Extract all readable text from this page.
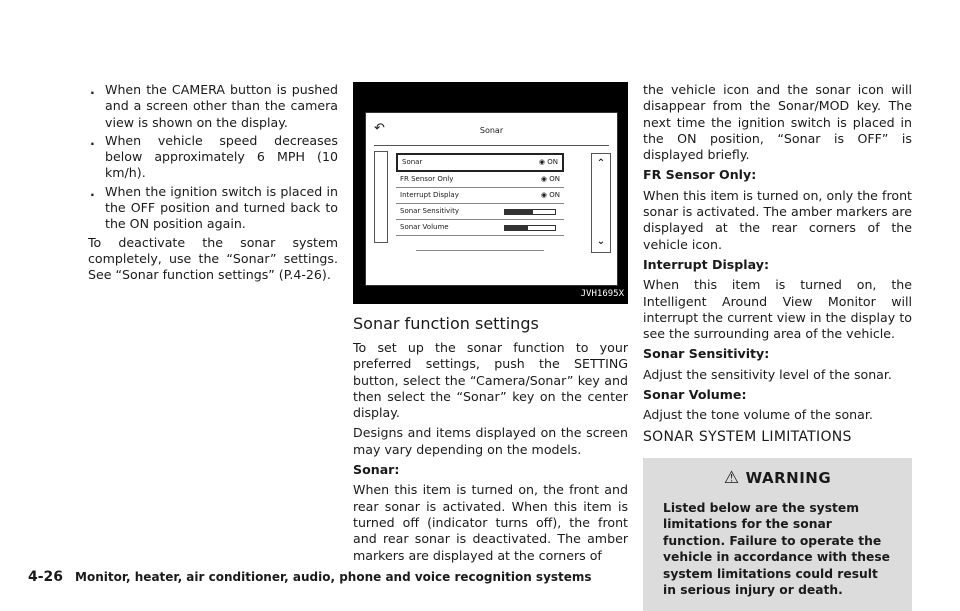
. When the CAMERA button is pushed and a screen other than the camera view is shown on the display.
. When vehicle speed decreases below approximately 6 MPH (10 km/h).
. When the ignition switch is placed in the OFF position and turned back to the ON position again.

To deactivate the sonar system completely, use the “Sonar” settings. See “Sonar function settings” (P.4-26).

↶	Sonar
Sonar	◉ ON
FR Sensor Only	◉ ON
Interrupt Display	◉ ON
Sonar Sensitivity
Sonar Volume
⌃
⌄
JVH1695X
Sonar function settings

To set up the sonar function to your preferred settings, push the SETTING button, select the “Camera/Sonar” key and then select the “Sonar” key on the center display.

Designs and items displayed on the screen may vary depending on the models.

Sonar:

When this item is turned on, the front and rear sonar is activated. When this item is turned off (indicator turns off), the front and rear sonar is deactivated. The amber markers are displayed at the corners of

the vehicle icon and the sonar icon will disappear from the Sonar/MOD key. The next time the ignition switch is placed in the ON position, “Sonar is OFF” is displayed briefly.

FR Sensor Only:

When this item is turned on, only the front sonar is activated. The amber markers are displayed at the rear corners of the vehicle icon.

Interrupt Display:

When this item is turned on, the Intelligent Around View Monitor will interrupt the current view in the display to see the surrounding area of the vehicle.

Sonar Sensitivity:

Adjust the sensitivity level of the sonar.

Sonar Volume:

Adjust the tone volume of the sonar.

SONAR SYSTEM LIMITATIONS
⚠ WARNING
Listed below are the system limitations for the sonar function. Failure to operate the vehicle in accordance with these system limitations could result in serious injury or death.
4-26 Monitor, heater, air conditioner, audio, phone and voice recognition systems
